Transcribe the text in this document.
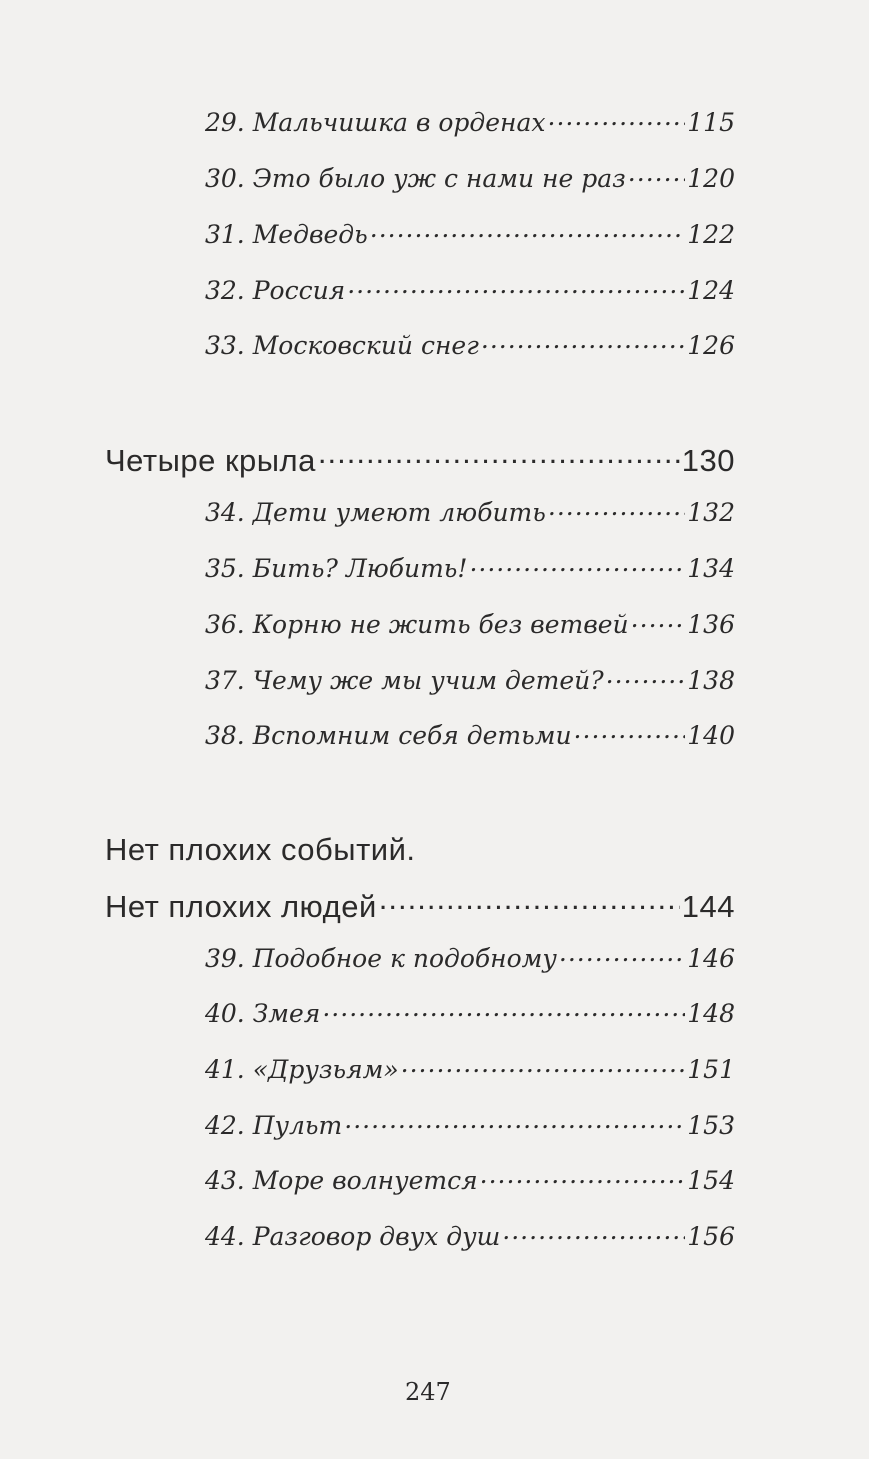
29. Мальчишка в орденах .....	115
30. Это было уж с нами не раз ..... 120
31. Медведь .....	122
32. Россия .....	124
33. Московский снег .....	126
Четыре крыла .....	130
34. Дети умеют любить .....	132
35. Бить? Любить! .....	134
36. Корню не жить без ветвей ..... 136
37. Чему же мы учим детей? .....	138
38. Вспомним себя детьми .....	140
Нет плохих событий.
Нет плохих людей .....	144
39. Подобное к подобному .....	146
40. Змея .....	148
41. «Друзьям» .....	151
42. Пульт .....	153
43. Море волнуется .....	154
44. Разговор двух душ .....	156
247
